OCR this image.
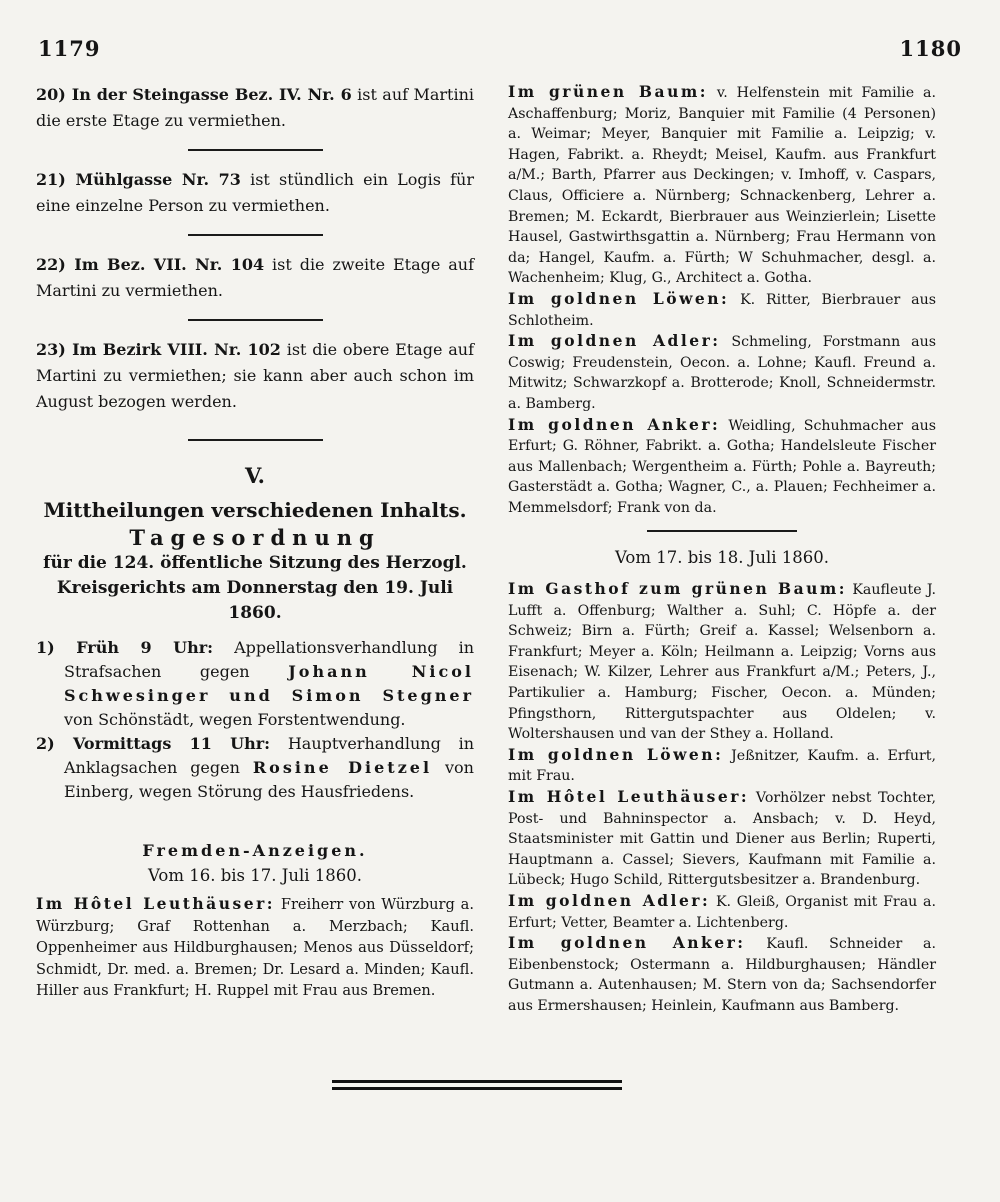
1179	1180

20) In der Steingasse Bez. IV. Nr. 6 ist auf Martini die erste Etage zu vermiethen.

21) Mühlgasse Nr. 73 ist stündlich ein Logis für eine einzelne Person zu vermiethen.

22) Im Bez. VII. Nr. 104 ist die zweite Etage auf Martini zu vermiethen.

23) Im Bezirk VIII. Nr. 102 ist die obere Etage auf Martini zu vermiethen; sie kann aber auch schon im August bezogen werden.

V.
Mittheilungen verschiedenen Inhalts.
Tagesordnung
für die 124. öffentliche Sitzung des Herzogl. Kreisgerichts am Donnerstag den 19. Juli 1860.

1) Früh 9 Uhr: Appellationsverhandlung in Strafsachen gegen Johann Nicol Schwesinger und Simon Stegner von Schönstädt, wegen Forstentwendung.

2) Vormittags 11 Uhr: Hauptverhandlung in Anklagsachen gegen Rosine Dietzel von Einberg, wegen Störung des Hausfriedens.

Fremden-Anzeigen.
Vom 16. bis 17. Juli 1860.

Im Hôtel Leuthäuser: Freiherr von Würzburg a. Würzburg; Graf Rottenhan a. Merzbach; Kaufl. Oppenheimer aus Hildburghausen; Menos aus Düsseldorf; Schmidt, Dr. med. a. Bremen; Dr. Lesard a. Minden; Kaufl. Hiller aus Frankfurt; H. Ruppel mit Frau aus Bremen.

Im grünen Baum: v. Helfenstein mit Familie a. Aschaffenburg; Moriz, Banquier mit Familie (4 Personen) a. Weimar; Meyer, Banquier mit Familie a. Leipzig; v. Hagen, Fabrikt. a. Rheydt; Meisel, Kaufm. aus Frankfurt a/M.; Barth, Pfarrer aus Deckingen; v. Imhoff, v. Caspars, Claus, Officiere a. Nürnberg; Schnackenberg, Lehrer a. Bremen; M. Eckardt, Bierbrauer aus Weinzierlein; Lisette Hausel, Gastwirthsgattin a. Nürnberg; Frau Hermann von da; Hangel, Kaufm. a. Fürth; W Schuhmacher, desgl. a. Wachenheim; Klug, G., Architect a. Gotha.

Im goldnen Löwen: K. Ritter, Bierbrauer aus Schlotheim.

Im goldnen Adler: Schmeling, Forstmann aus Coswig; Freudenstein, Oecon. a. Lohne; Kaufl. Freund a. Mitwitz; Schwarzkopf a. Brotterode; Knoll, Schneidermstr. a. Bamberg.

Im goldnen Anker: Weidling, Schuhmacher aus Erfurt; G. Röhner, Fabrikt. a. Gotha; Handelsleute Fischer aus Mallenbach; Wergentheim a. Fürth; Pohle a. Bayreuth; Gasterstädt a. Gotha; Wagner, C., a. Plauen; Fechheimer a. Memmelsdorf; Frank von da.

Vom 17. bis 18. Juli 1860.

Im Gasthof zum grünen Baum: Kaufleute J. Lufft a. Offenburg; Walther a. Suhl; C. Höpfe a. der Schweiz; Birn a. Fürth; Greif a. Kassel; Welsenborn a. Frankfurt; Meyer a. Köln; Heilmann a. Leipzig; Vorns aus Eisenach; W. Kilzer, Lehrer aus Frankfurt a/M.; Peters, J., Partikulier a. Hamburg; Fischer, Oecon. a. Münden; Pfingsthorn, Rittergutspachter aus Oldelen; v. Woltershausen und van der Sthey a. Holland.

Im goldnen Löwen: Jeßnitzer, Kaufm. a. Erfurt, mit Frau.

Im Hôtel Leuthäuser: Vorhölzer nebst Tochter, Post- und Bahninspector a. Ansbach; v. D. Heyd, Staatsminister mit Gattin und Diener aus Berlin; Ruperti, Hauptmann a. Cassel; Sievers, Kaufmann mit Familie a. Lübeck; Hugo Schild, Rittergutsbesitzer a. Brandenburg.

Im goldnen Adler: K. Gleiß, Organist mit Frau a. Erfurt; Vetter, Beamter a. Lichtenberg.

Im goldnen Anker: Kaufl. Schneider a. Eibenbenstock; Ostermann a. Hildburghausen; Händler Gutmann a. Autenhausen; M. Stern von da; Sachsendorfer aus Ermershausen; Heinlein, Kaufmann aus Bamberg.
